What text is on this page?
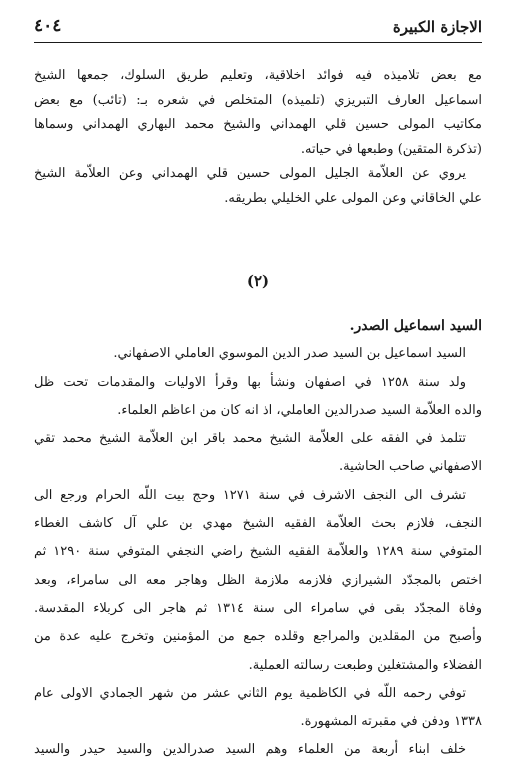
الاجازة الكبيرة
٤٠٤
مع بعض تلاميذه فيه فوائد اخلاقية، وتعليم طريق السلوك، جمعها الشيخ
اسماعيل العارف التبريزي (تلميذه) المتخلص في شعره بـ: (تائب) مع بعض
مكاتيب المولى حسين قلي الهمداني والشيخ محمد البهاري الهمداني وسماها
(تذكرة المتقين) وطبعها في حياته.
يروي عن العلاّمة الجليل المولى حسين قلي الهمداني وعن العلاّمة الشيخ
علي الخاقاني وعن المولى علي الخليلي بطريقه.
(٢)
السيد اسماعيل الصدر.
السيد اسماعيل بن السيد صدر الدين الموسوي العاملي الاصفهاني.
ولد سنة ١٢٥٨ في اصفهان ونشأ بها وقرأ الاوليات والمقدمات تحت ظل
والده العلاّمة السيد صدرالدين العاملي، اذ انه كان من اعاظم العلماء.
تتلمذ في الفقه على العلاّمة الشيخ محمد باقر ابن العلاّمة الشيخ محمد تقي
الاصفهاني صاحب الحاشية.
تشرف الى النجف الاشرف في سنة ١٢٧١ وحج بيت اللّه الحرام ورجع الى
النجف، فلازم بحث العلاّمة الفقيه الشيخ مهدي بن علي آل كاشف الغطاء
المتوفي سنة ١٢٨٩ والعلاّمة الفقيه الشيخ راضي النجفي المتوفي سنة ١٢٩٠ ثم
اختص بالمجدّد الشيرازي فلازمه ملازمة الظل وهاجر معه الى سامراء، وبعد
وفاة المجدّد بقى في سامراء الى سنة ١٣١٤ ثم هاجر الى كربلاء المقدسة.
وأصبح من المقلدين والمراجع وقلده جمع من المؤمنين وتخرج عليه عدة من
الفضلاء والمشتغلين وطبعت رسالته العملية.
توفي رحمه اللّه في الكاظمية يوم الثاني عشر من شهر الجمادي الاولى عام
١٣٣٨ ودفن في مقبرته المشهورة.
خلف ابناء أربعة من العلماء وهم السيد صدرالدين والسيد حيدر والسيد
